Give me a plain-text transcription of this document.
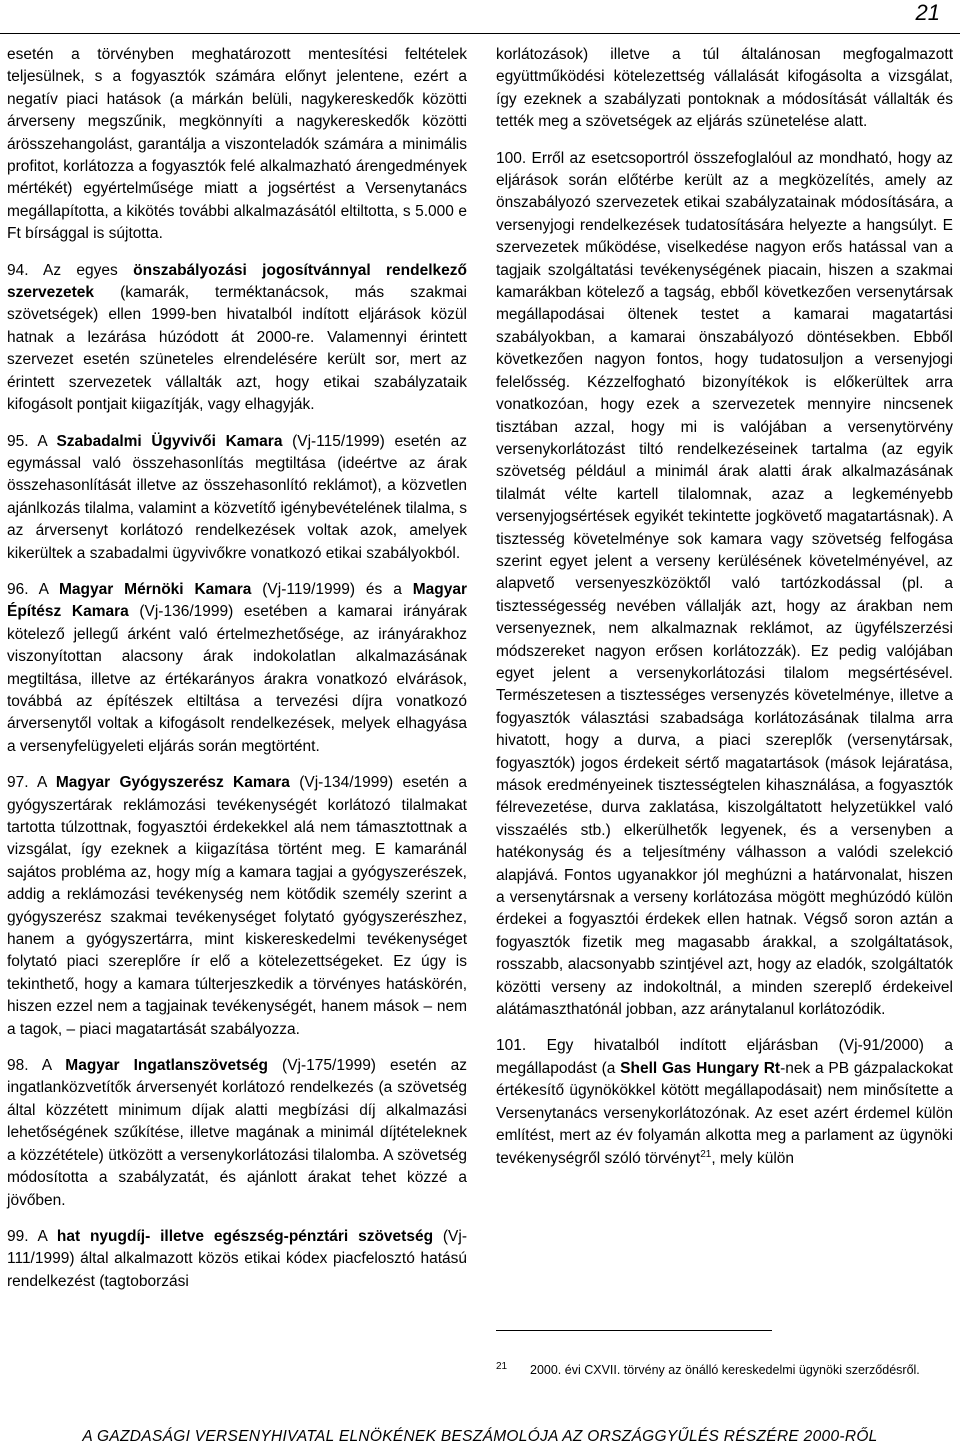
21

esetén a törvényben meghatározott mentesítési feltételek teljesülnek, s a fogyasztók számára előnyt jelentene, ezért a negatív piaci hatások (a márkán belüli, nagykereskedők közötti árverseny megszűnik, megkönnyíti a nagykereskedők közötti árösszehangolást, garantálja a viszonteladók számára a minimális profitot, korlátozza a fogyasztók felé alkalmazható árengedmények mértékét) egyértelműsége miatt a jogsértést a Versenytanács megállapította, a kikötés további alkalmazásától eltiltotta, s 5.000 e Ft bírsággal is sújtotta.

94. Az egyes önszabályozási jogosítvánnyal rendelkező szervezetek (kamarák, terméktanácsok, más szakmai szövetségek) ellen 1999-ben hivatalból indított eljárások közül hatnak a lezárása húzódott át 2000-re. Valamennyi érintett szervezet esetén szüneteles elrendelésére került sor, mert az érintett szervezetek vállalták azt, hogy etikai szabályzataik kifogásolt pontjait kiigazítják, vagy elhagyják.

95. A Szabadalmi Ügyvivői Kamara (Vj-115/1999) esetén az egymással való összehasonlítás megtiltása (ideértve az árak összehasonlítását illetve az összehasonlító reklámot), a közvetlen ajánlkozás tilalma, valamint a közvetítő igénybevételének tilalma, s az árversenyt korlátozó rendelkezések voltak azok, amelyek kikerültek a szabadalmi ügyvivőkre vonatkozó etikai szabályokból.

96. A Magyar Mérnöki Kamara (Vj-119/1999) és a Magyar Építész Kamara (Vj-136/1999) esetében a kamarai irányárak kötelező jellegű árként való értelmezhetősége, az irányárakhoz viszonyítottan alacsony árak indokolatlan alkalmazásának megtiltása, illetve az értékarányos árakra vonatkozó elvárások, továbbá az építészek eltiltása a tervezési díjra vonatkozó árversenytől voltak a kifogásolt rendelkezések, melyek elhagyása a versenyfelügyeleti eljárás során megtörtént.

97. A Magyar Gyógyszerész Kamara (Vj-134/1999) esetén a gyógyszertárak reklámozási tevékenységét korlátozó tilalmakat tartotta túlzottnak, fogyasztói érdekekkel alá nem támasztottnak a vizsgálat, így ezeknek a kiigazítása történt meg. E kamaránál sajátos probléma az, hogy míg a kamara tagjai a gyógyszerészek, addig a reklámozási tevékenység nem kötődik személy szerint a gyógyszerész szakmai tevékenységet folytató gyógyszerészhez, hanem a gyógyszertárra, mint kiskereskedelmi tevékenységet folytató piaci szereplőre ír elő a kötelezettségeket. Ez úgy is tekinthető, hogy a kamara túlterjeszkedik a törvényes hatáskörén, hiszen ezzel nem a tagjainak tevékenységét, hanem mások – nem a tagok, – piaci magatartását szabályozza.

98. A Magyar Ingatlanszövetség (Vj-175/1999) esetén az ingatlanközvetítők árversenyét korlátozó rendelkezés (a szövetség által közzétett minimum díjak alatti megbízási díj alkalmazási lehetőségének szűkítése, illetve magának a minimál díjtételeknek a közzététele) ütközött a versenykorlátozási tilalomba. A szövetség módosította a szabályzatát, és ajánlott árakat tehet közzé a jövőben.

99. A hat nyugdíj- illetve egészség-pénztári szövetség (Vj-111/1999) által alkalmazott közös etikai kódex piacfelosztó hatású rendelkezést (tagtoborzási

korlátozások) illetve a túl általánosan megfogalmazott együttműködési kötelezettség vállalását kifogásolta a vizsgálat, így ezeknek a szabályzati pontoknak a módosítását vállalták és tették meg a szövetségek az eljárás szünetelése alatt.

100. Erről az esetcsoportról összefoglalóul az mondható, hogy az eljárások során előtérbe került az a megközelítés, amely az önszabályozó szervezetek etikai szabályzatainak módosítására, a versenyjogi rendelkezések tudatosítására helyezte a hangsúlyt. E szervezetek működése, viselkedése nagyon erős hatással van a tagjaik szolgáltatási tevékenységének piacain, hiszen a szakmai kamarákban kötelező a tagság, ebből következően versenytársak megállapodásai öltenek testet a kamarai magatartási szabályokban, a kamarai önszabályozó döntésekben. Ebből következően nagyon fontos, hogy tudatosuljon a versenyjogi felelősség. Kézzelfogható bizonyítékok is előkerültek arra vonatkozóan, hogy ezek a szervezetek mennyire nincsenek tisztában azzal, hogy mi is valójában a versenytörvény versenykorlátozást tiltó rendelkezéseinek tartalma (az egyik szövetség például a minimál árak alatti árak alkalmazásának tilalmát vélte kartell tilalomnak, azaz a legkeményebb versenyjogsértések egyikét tekintette jogkövető magatartásnak). A tisztesség követelménye sok kamara vagy szövetség felfogása szerint egyet jelent a verseny kerülésének követelményével, az alapvető versenyeszközöktől való tartózkodással (pl. a tisztességesség nevében vállalják azt, hogy az árakban nem versenyeznek, nem alkalmaznak reklámot, az ügyfélszerzési módszereket nagyon erősen korlátozzák). Ez pedig valójában egyet jelent a versenykorlátozási tilalom megsértésével. Természetesen a tisztességes versenyzés követelménye, illetve a fogyasztók választási szabadsága korlátozásának tilalma arra hivatott, hogy a durva, a piaci szereplők (versenytársak, fogyasztók) jogos érdekeit sértő magatartások (mások lejáratása, mások eredményeinek tisztességtelen kihasználása, a fogyasztók félrevezetése, durva zaklatása, kiszolgáltatott helyzetükkel való visszaélés stb.) elkerülhetők legyenek, és a versenyben a hatékonyság és a teljesítmény válhasson a valódi szelekció alapjává. Fontos ugyanakkor jól meghúzni a határvonalat, hiszen a versenytársnak a verseny korlátozása mögött meghúzódó külön érdekei a fogyasztói érdekek ellen hatnak. Végső soron aztán a fogyasztók fizetik meg magasabb árakkal, a szolgáltatások, rosszabb, alacsonyabb szintjével azt, hogy az eladók, szolgáltatók közötti verseny az indokoltnál, a minden szereplő érdekeivel alátámaszthatónál jobban, azz aránytalanul korlátozódik.

101. Egy hivatalból indított eljárásban (Vj-91/2000) a megállapodást (a Shell Gas Hungary Rt-nek a PB gázpalackokat értékesítő ügynökökkel kötött megállapodásait) nem minősítette a Versenytanács versenykorlátozónak. Az eset azért érdemel külön említést, mert az év folyamán alkotta meg a parlament az ügynöki tevékenységről szóló törvényt$^{21}$, mely külön

21 2000. évi CXVII. törvény az önálló kereskedelmi ügynöki szerződésről.
A GAZDASÁGI VERSENYHIVATAL ELNÖKÉNEK BESZÁMOLÓJA AZ ORSZÁGGYŰLÉS RÉSZÉRE 2000-RŐL
